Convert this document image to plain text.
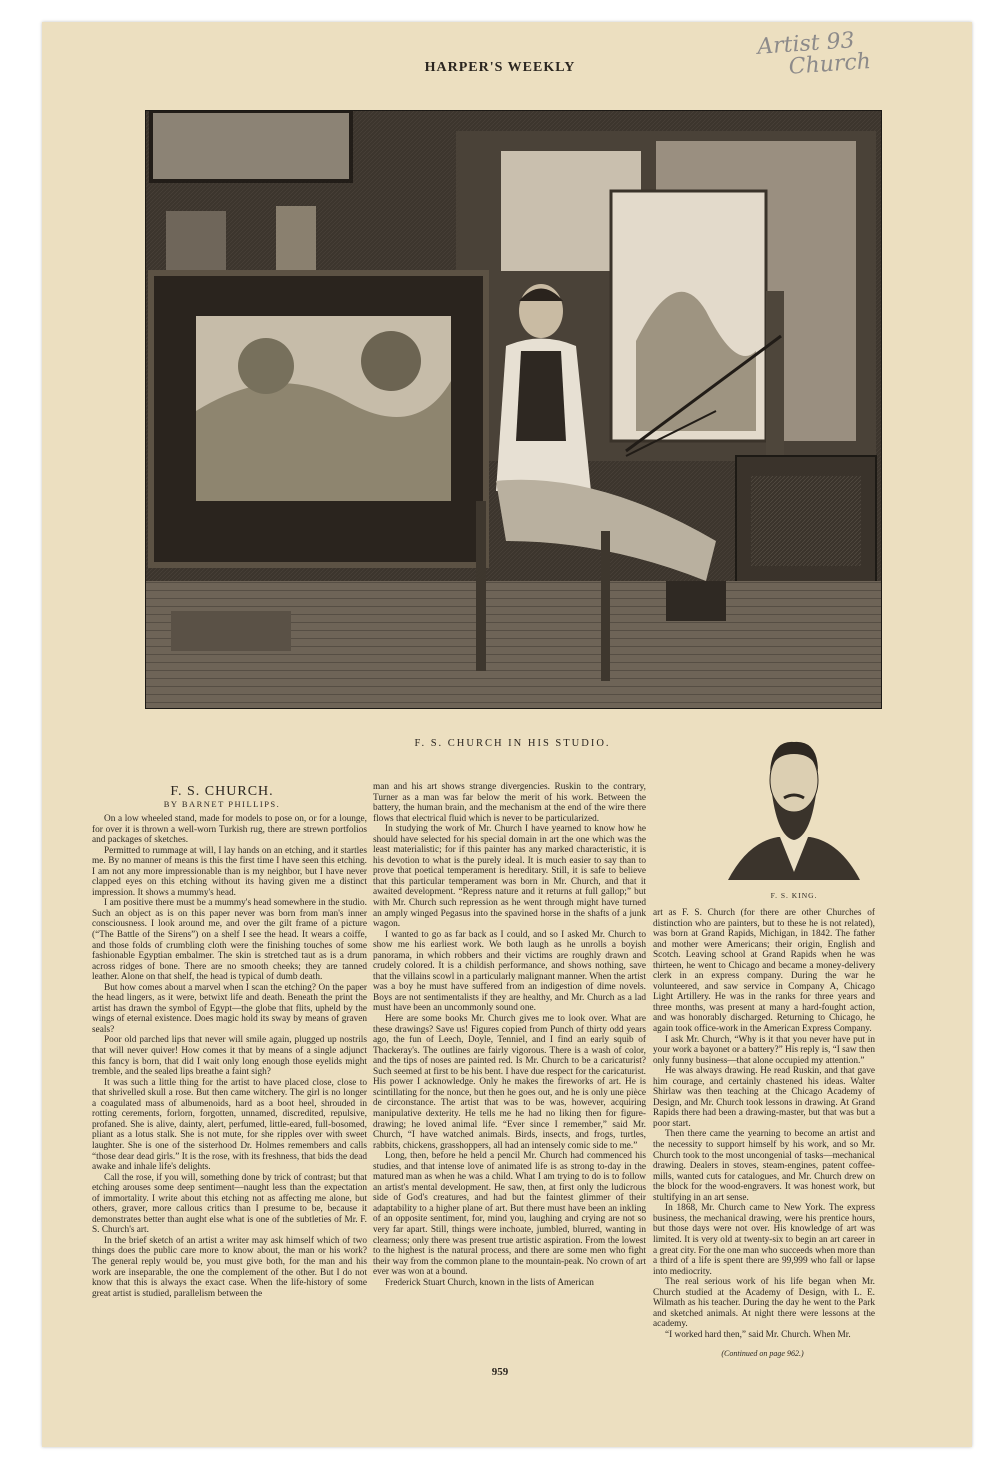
HARPER'S WEEKLY
Artist 93
Church
F. S. CHURCH IN HIS STUDIO.
F. S. CHURCH.
BY BARNET PHILLIPS.

On a low wheeled stand, made for models to pose on, or for a lounge, for over it is thrown a well-worn Turkish rug, there are strewn portfolios and packages of sketches.

Permitted to rummage at will, I lay hands on an etching, and it startles me. By no manner of means is this the first time I have seen this etching. I am not any more impressionable than is my neighbor, but I have never clapped eyes on this etching without its having given me a distinct impression. It shows a mummy's head.

I am positive there must be a mummy's head somewhere in the studio. Such an object as is on this paper never was born from man's inner consciousness. I look around me, and over the gilt frame of a picture (“The Battle of the Sirens”) on a shelf I see the head. It wears a coiffe, and those folds of crumbling cloth were the finishing touches of some fashionable Egyptian embalmer. The skin is stretched taut as is a drum across ridges of bone. There are no smooth cheeks; they are tanned leather. Alone on that shelf, the head is typical of dumb death.

But how comes about a marvel when I scan the etching? On the paper the head lingers, as it were, betwixt life and death. Beneath the print the artist has drawn the symbol of Egypt—the globe that flits, upheld by the wings of eternal existence. Does magic hold its sway by means of graven seals?

Poor old parched lips that never will smile again, plugged up nostrils that will never quiver! How comes it that by means of a single adjunct this fancy is born, that did I wait only long enough those eyelids might tremble, and the sealed lips breathe a faint sigh?

It was such a little thing for the artist to have placed close, close to that shrivelled skull a rose. But then came witchery. The girl is no longer a coagulated mass of albumenoids, hard as a boot heel, shrouded in rotting cerements, forlorn, forgotten, unnamed, discredited, repulsive, profaned. She is alive, dainty, alert, perfumed, little-eared, full-bosomed, pliant as a lotus stalk. She is not mute, for she ripples over with sweet laughter. She is one of the sisterhood Dr. Holmes remembers and calls “those dear dead girls.” It is the rose, with its freshness, that bids the dead awake and inhale life's delights.

Call the rose, if you will, something done by trick of contrast; but that etching arouses some deep sentiment—naught less than the expectation of immortality. I write about this etching not as affecting me alone, but others, graver, more callous critics than I presume to be, because it demonstrates better than aught else what is one of the subtleties of Mr. F. S. Church's art.

In the brief sketch of an artist a writer may ask himself which of two things does the public care more to know about, the man or his work? The general reply would be, you must give both, for the man and his work are inseparable, the one the complement of the other. But I do not know that this is always the exact case. When the life-history of some great artist is studied, parallelism between the

man and his art shows strange divergencies. Ruskin to the contrary, Turner as a man was far below the merit of his work. Between the battery, the human brain, and the mechanism at the end of the wire there flows that electrical fluid which is never to be particularized.

In studying the work of Mr. Church I have yearned to know how he should have selected for his special domain in art the one which was the least materialistic; for if this painter has any marked characteristic, it is his devotion to what is the purely ideal. It is much easier to say than to prove that poetical temperament is hereditary. Still, it is safe to believe that this particular temperament was born in Mr. Church, and that it awaited development. “Repress nature and it returns at full gallop;” but with Mr. Church such repression as he went through might have turned an amply winged Pegasus into the spavined horse in the shafts of a junk wagon.

I wanted to go as far back as I could, and so I asked Mr. Church to show me his earliest work. We both laugh as he unrolls a boyish panorama, in which robbers and their victims are roughly drawn and crudely colored. It is a childish performance, and shows nothing, save that the villains scowl in a particularly malignant manner. When the artist was a boy he must have suffered from an indigestion of dime novels. Boys are not sentimentalists if they are healthy, and Mr. Church as a lad must have been an uncommonly sound one.

Here are some books Mr. Church gives me to look over. What are these drawings? Save us! Figures copied from Punch of thirty odd years ago, the fun of Leech, Doyle, Tenniel, and I find an early squib of Thackeray's. The outlines are fairly vigorous. There is a wash of color, and the tips of noses are painted red. Is Mr. Church to be a caricaturist? Such seemed at first to be his bent. I have due respect for the caricaturist. His power I acknowledge. Only he makes the fireworks of art. He is scintillating for the nonce, but then he goes out, and he is only une pièce de circonstance. The artist that was to be was, however, acquiring manipulative dexterity. He tells me he had no liking then for figure-drawing; he loved animal life. “Ever since I remember,” said Mr. Church, “I have watched animals. Birds, insects, and frogs, turtles, rabbits, chickens, grasshoppers, all had an intensely comic side to me.”

Long, then, before he held a pencil Mr. Church had commenced his studies, and that intense love of animated life is as strong to-day in the matured man as when he was a child. What I am trying to do is to follow an artist's mental development. He saw, then, at first only the ludicrous side of God's creatures, and had but the faintest glimmer of their adaptability to a higher plane of art. But there must have been an inkling of an opposite sentiment, for, mind you, laughing and crying are not so very far apart. Still, things were inchoate, jumbled, blurred, wanting in clearness; only there was present true artistic aspiration. From the lowest to the highest is the natural process, and there are some men who fight their way from the common plane to the mountain-peak. No crown of art ever was won at a bound.

Frederick Stuart Church, known in the lists of American

F. S. KING.

art as F. S. Church (for there are other Churches of distinction who are painters, but to these he is not related), was born at Grand Rapids, Michigan, in 1842. The father and mother were Americans; their origin, English and Scotch. Leaving school at Grand Rapids when he was thirteen, he went to Chicago and became a money-delivery clerk in an express company. During the war he volunteered, and saw service in Company A, Chicago Light Artillery. He was in the ranks for three years and three months, was present at many a hard-fought action, and was honorably discharged. Returning to Chicago, he again took office-work in the American Express Company.

I ask Mr. Church, “Why is it that you never have put in your work a bayonet or a battery?” His reply is, “I saw then only funny business—that alone occupied my attention.”

He was always drawing. He read Ruskin, and that gave him courage, and certainly chastened his ideas. Walter Shirlaw was then teaching at the Chicago Academy of Design, and Mr. Church took lessons in drawing. At Grand Rapids there had been a drawing-master, but that was but a poor start.

Then there came the yearning to become an artist and the necessity to support himself by his work, and so Mr. Church took to the most uncongenial of tasks—mechanical drawing. Dealers in stoves, steam-engines, patent coffee-mills, wanted cuts for catalogues, and Mr. Church drew on the block for the wood-engravers. It was honest work, but stultifying in an art sense.

In 1868, Mr. Church came to New York. The express business, the mechanical drawing, were his prentice hours, but those days were not over. His knowledge of art was limited. It is very old at twenty-six to begin an art career in a great city. For the one man who succeeds when more than a third of a life is spent there are 99,999 who fall or lapse into mediocrity.

The real serious work of his life began when Mr. Church studied at the Academy of Design, with L. E. Wilmath as his teacher. During the day he went to the Park and sketched animals. At night there were lessons at the academy.

“I worked hard then,” said Mr. Church. When Mr.

(Continued on page 962.)
959
